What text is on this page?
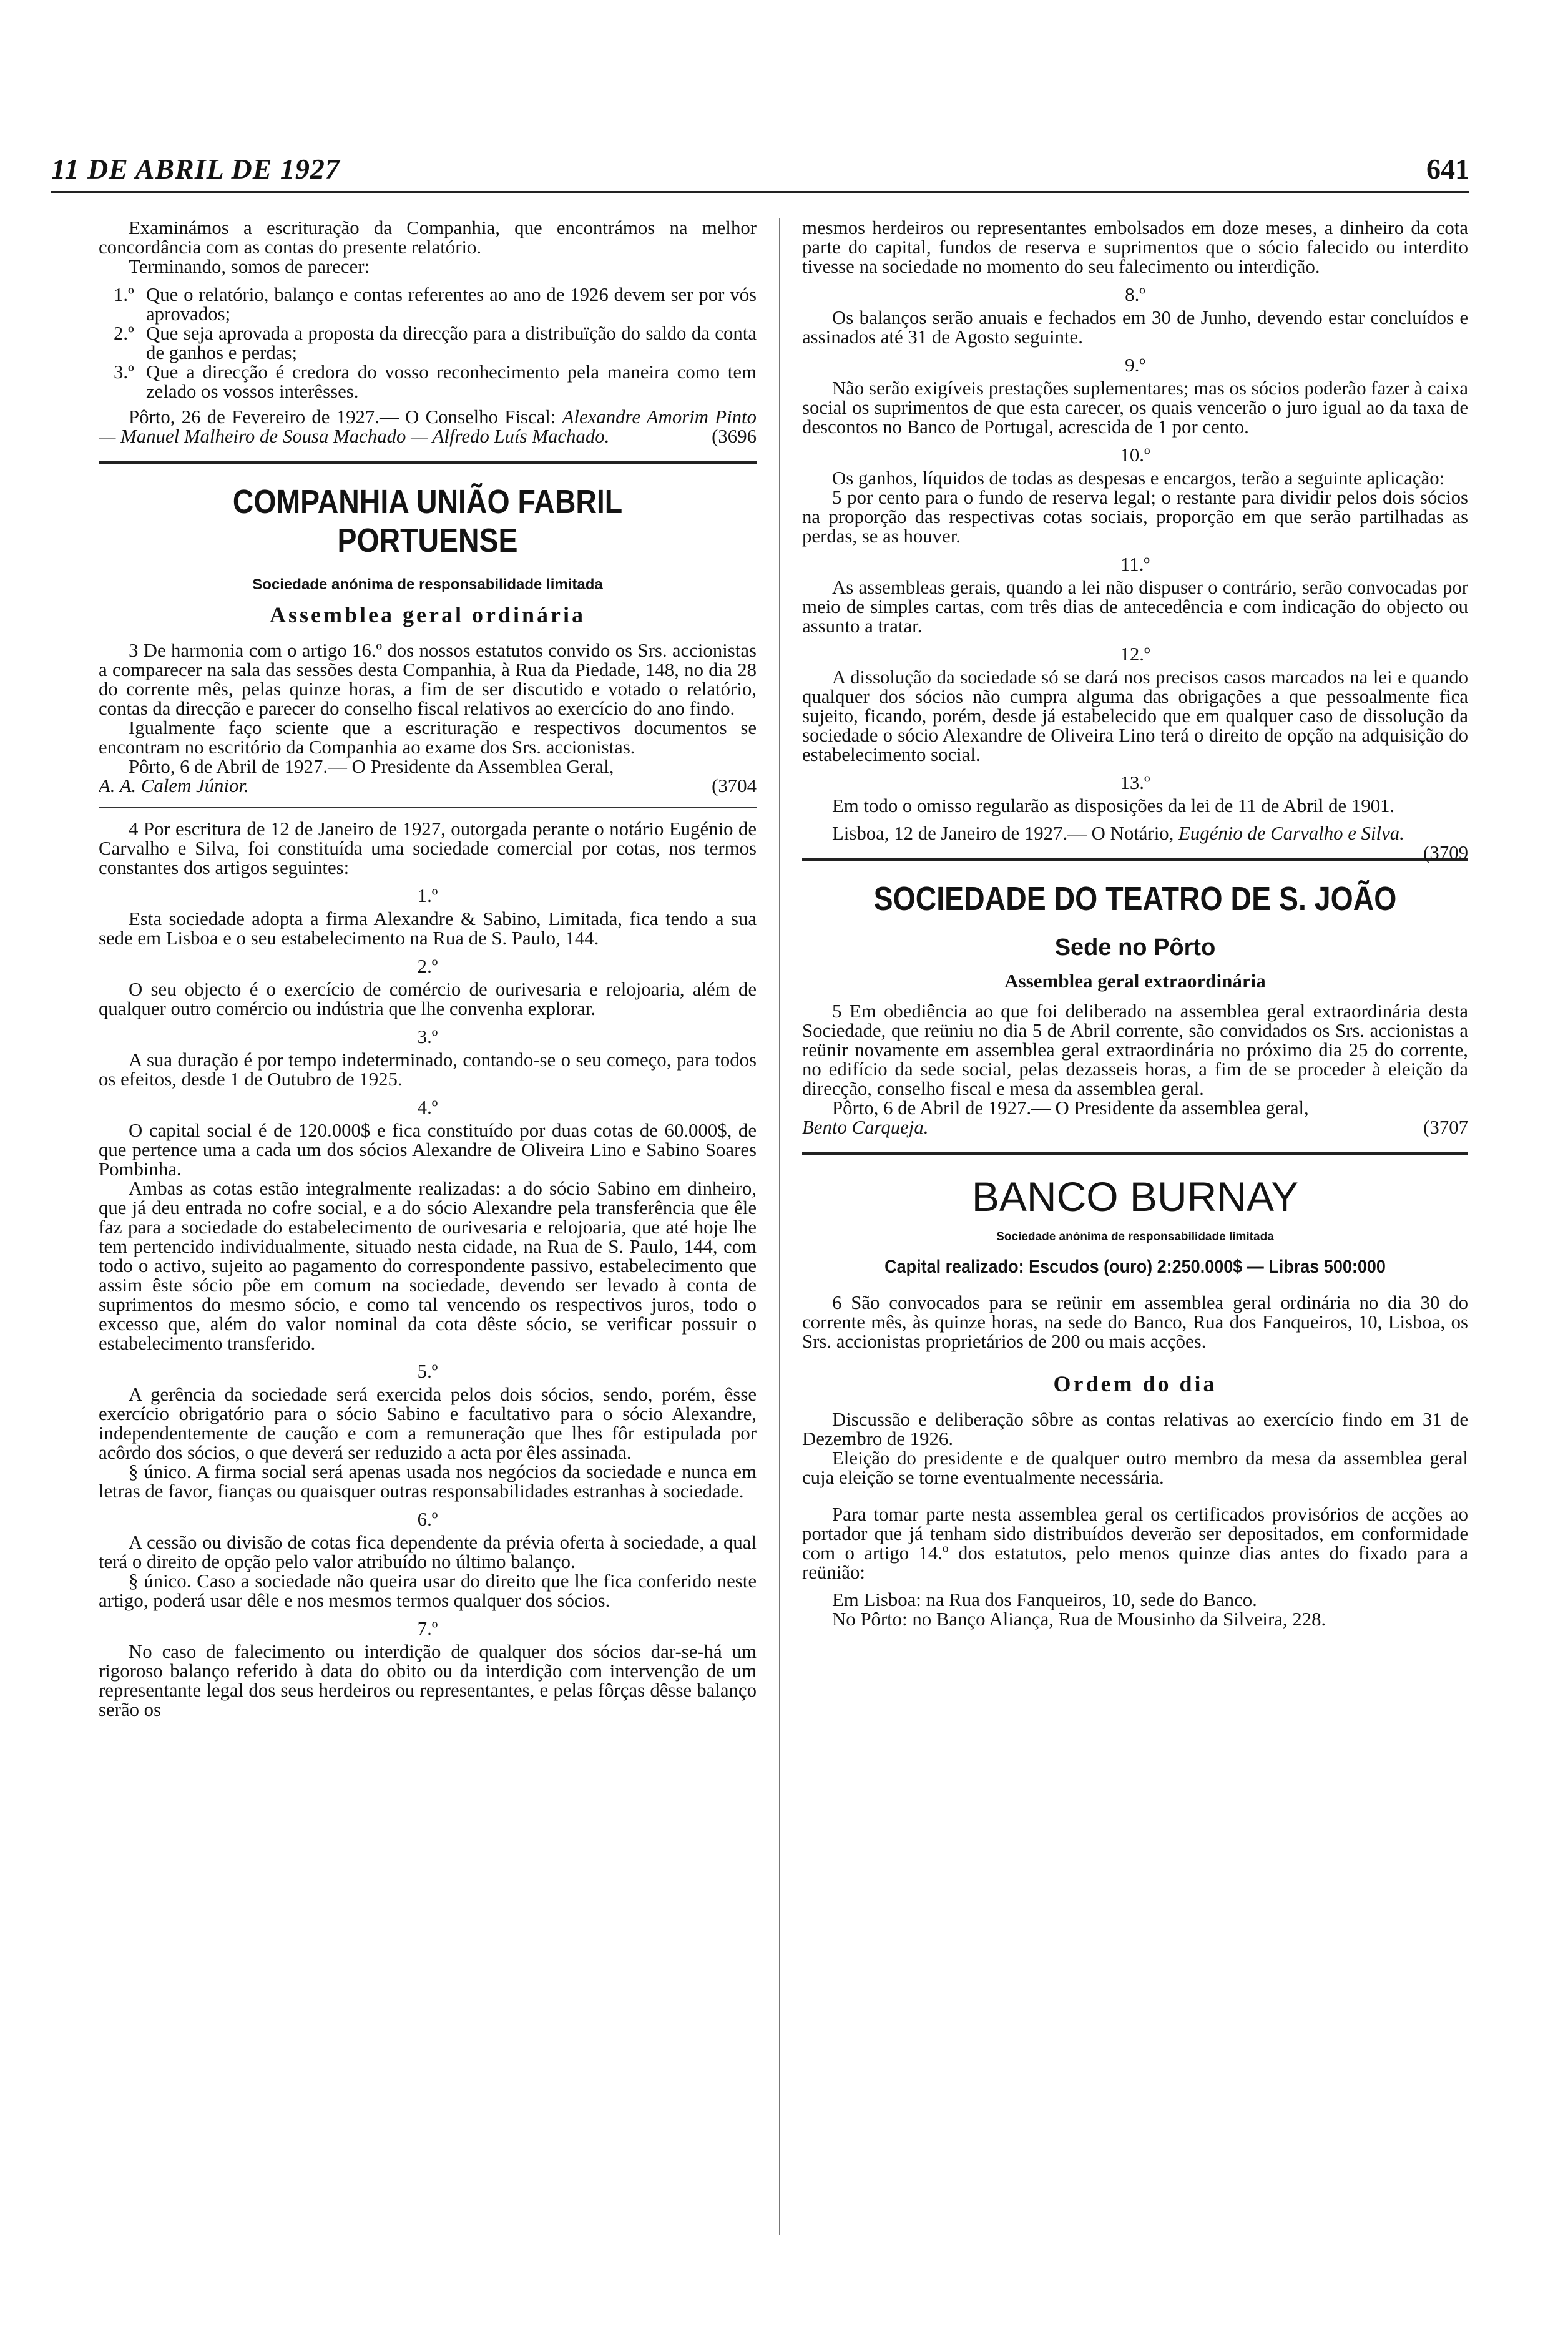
11 DE ABRIL DE 1927	641

Examinámos a escrituração da Companhia, que encontrámos na melhor concordância com as contas do presente relatório.

Terminando, somos de parecer:

1.º Que o relatório, balanço e contas referentes ao ano de 1926 devem ser por vós aprovados;
2.º Que seja aprovada a proposta da direcção para a distribuïção do saldo da conta de ganhos e perdas;
3.º Que a direcção é credora do vosso reconhecimento pela maneira como tem zelado os vossos interêsses.

Pôrto, 26 de Fevereiro de 1927.— O Conselho Fiscal: Alexandre Amorim Pinto — Manuel Malheiro de Sousa Machado — Alfredo Luís Machado.	(3696

COMPANHIA UNIÃO FABRIL PORTUENSE
Sociedade anónima de responsabilidade limitada
Assemblea geral ordinária

3 De harmonia com o artigo 16.º dos nossos estatutos convido os Srs. accionistas a comparecer na sala das sessões desta Companhia, à Rua da Piedade, 148, no dia 28 do corrente mês, pelas quinze horas, a fim de ser discutido e votado o relatório, contas da direcção e parecer do conselho fiscal relativos ao exercício do ano findo.

Igualmente faço sciente que a escrituração e respectivos documentos se encontram no escritório da Companhia ao exame dos Srs. accionistas.

Pôrto, 6 de Abril de 1927.— O Presidente da Assemblea Geral,

A. A. Calem Júnior.	(3704

4 Por escritura de 12 de Janeiro de 1927, outorgada perante o notário Eugénio de Carvalho e Silva, foi constituída uma sociedade comercial por cotas, nos termos constantes dos artigos seguintes:

1.º

Esta sociedade adopta a firma Alexandre & Sabino, Limitada, fica tendo a sua sede em Lisboa e o seu estabelecimento na Rua de S. Paulo, 144.

2.º

O seu objecto é o exercício de comércio de ourivesaria e relojoaria, além de qualquer outro comércio ou indústria que lhe convenha explorar.

3.º

A sua duração é por tempo indeterminado, contando-se o seu começo, para todos os efeitos, desde 1 de Outubro de 1925.

4.º

O capital social é de 120.000$ e fica constituído por duas cotas de 60.000$, de que pertence uma a cada um dos sócios Alexandre de Oliveira Lino e Sabino Soares Pombinha.

Ambas as cotas estão integralmente realizadas: a do sócio Sabino em dinheiro, que já deu entrada no cofre social, e a do sócio Alexandre pela transferência que êle faz para a sociedade do estabelecimento de ourivesaria e relojoaria, que até hoje lhe tem pertencido individualmente, situado nesta cidade, na Rua de S. Paulo, 144, com todo o activo, sujeito ao pagamento do correspondente passivo, estabelecimento que assim êste sócio põe em comum na sociedade, devendo ser levado à conta de suprimentos do mesmo sócio, e como tal vencendo os respectivos juros, todo o excesso que, além do valor nominal da cota dêste sócio, se verificar possuir o estabelecimento transferido.

5.º

A gerência da sociedade será exercida pelos dois sócios, sendo, porém, êsse exercício obrigatório para o sócio Sabino e facultativo para o sócio Alexandre, independentemente de caução e com a remuneração que lhes fôr estipulada por acôrdo dos sócios, o que deverá ser reduzido a acta por êles assinada.

§ único. A firma social será apenas usada nos negócios da sociedade e nunca em letras de favor, fianças ou quaisquer outras responsabilidades estranhas à sociedade.

6.º

A cessão ou divisão de cotas fica dependente da prévia oferta à sociedade, a qual terá o direito de opção pelo valor atribuído no último balanço.

§ único. Caso a sociedade não queira usar do direito que lhe fica conferido neste artigo, poderá usar dêle e nos mesmos termos qualquer dos sócios.

7.º

No caso de falecimento ou interdição de qualquer dos sócios dar-se-há um rigoroso balanço referido à data do obito ou da interdição com intervenção de um representante legal dos seus herdeiros ou representantes, e pelas fôrças dêsse balanço serão os

mesmos herdeiros ou representantes embolsados em doze meses, a dinheiro da cota parte do capital, fundos de reserva e suprimentos que o sócio falecido ou interdito tivesse na sociedade no momento do seu falecimento ou interdição.

8.º

Os balanços serão anuais e fechados em 30 de Junho, devendo estar concluídos e assinados até 31 de Agosto seguinte.

9.º

Não serão exigíveis prestações suplementares; mas os sócios poderão fazer à caixa social os suprimentos de que esta carecer, os quais vencerão o juro igual ao da taxa de descontos no Banco de Portugal, acrescida de 1 por cento.

10.º

Os ganhos, líquidos de todas as despesas e encargos, terão a seguinte aplicação:

5 por cento para o fundo de reserva legal; o restante para dividir pelos dois sócios na proporção das respectivas cotas sociais, proporção em que serão partilhadas as perdas, se as houver.

11.º

As assembleas gerais, quando a lei não dispuser o contrário, serão convocadas por meio de simples cartas, com três dias de antecedência e com indicação do objecto ou assunto a tratar.

12.º

A dissolução da sociedade só se dará nos precisos casos marcados na lei e quando qualquer dos sócios não cumpra alguma das obrigações a que pessoalmente fica sujeito, ficando, porém, desde já estabelecido que em qualquer caso de dissolução da sociedade o sócio Alexandre de Oliveira Lino terá o direito de opção na adquisição do estabelecimento social.

13.º

Em todo o omisso regularão as disposições da lei de 11 de Abril de 1901.

Lisboa, 12 de Janeiro de 1927.— O Notário, Eugénio de Carvalho e Silva.
(3709

SOCIEDADE DO TEATRO DE S. JOÃO
Sede no Pôrto
Assemblea geral extraordinária

5 Em obediência ao que foi deliberado na assemblea geral extraordinária desta Sociedade, que reüniu no dia 5 de Abril corrente, são convidados os Srs. accionistas a reünir novamente em assemblea geral extraordinária no próximo dia 25 do corrente, no edifício da sede social, pelas dezasseis horas, a fim de se proceder à eleição da direcção, conselho fiscal e mesa da assemblea geral.

Pôrto, 6 de Abril de 1927.— O Presidente da assemblea geral,

Bento Carqueja.	(3707

BANCO BURNAY
Sociedade anónima de responsabilidade limitada
Capital realizado: Escudos (ouro) 2:250.000$ — Libras 500:000

6 São convocados para se reünir em assemblea geral ordinária no dia 30 do corrente mês, às quinze horas, na sede do Banco, Rua dos Fanqueiros, 10, Lisboa, os Srs. accionistas proprietários de 200 ou mais acções.

Ordem do dia

Discussão e deliberação sôbre as contas relativas ao exercício findo em 31 de Dezembro de 1926.

Eleição do presidente e de qualquer outro membro da mesa da assemblea geral cuja eleição se torne eventualmente necessária.

Para tomar parte nesta assemblea geral os certificados provisórios de acções ao portador que já tenham sido distribuídos deverão ser depositados, em conformidade com o artigo 14.º dos estatutos, pelo menos quinze dias antes do fixado para a reünião:

Em Lisboa: na Rua dos Fanqueiros, 10, sede do Banco.

No Pôrto: no Banço Aliança, Rua de Mousinho da Silveira, 228.
